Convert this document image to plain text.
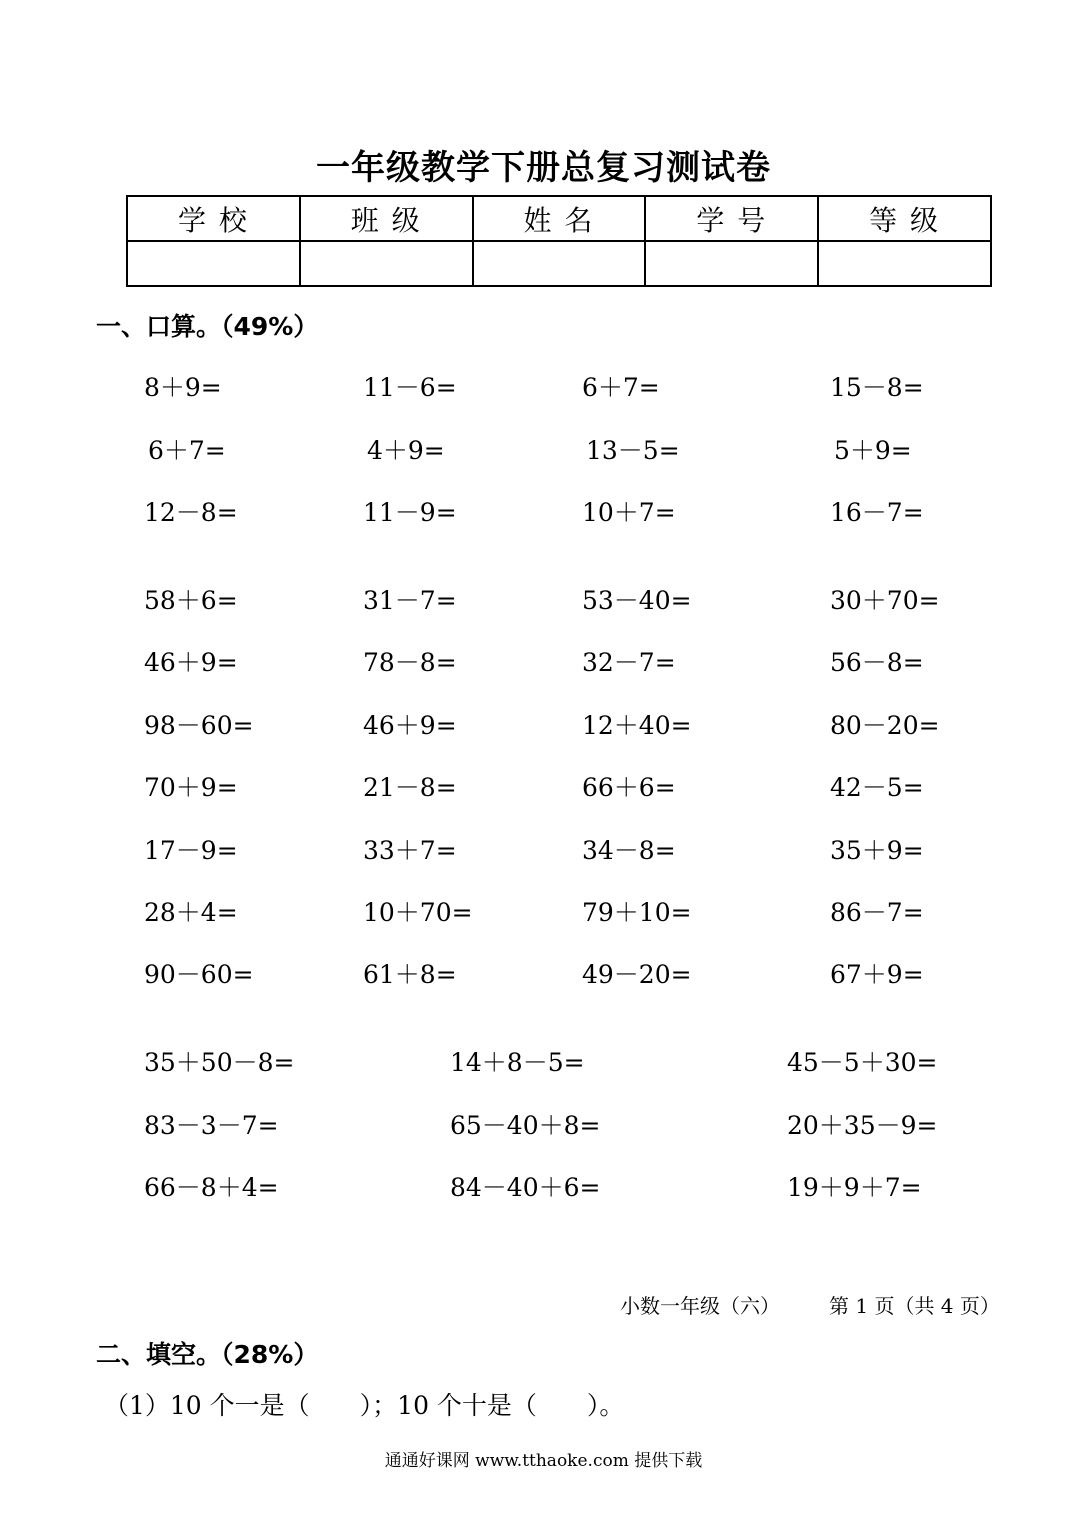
一年级教学下册总复习测试卷
学 校	班 级	姓 名	学 号	等 级

一、口算。（49%）
8＋9=	11－6=	6＋7=	15－8=
6＋7=	4＋9=	13－5=	5＋9=
12－8=	11－9=	10＋7=	16－7=
58＋6=	31－7=	53－40=	30＋70=
46＋9=	78－8=	32－7=	56－8=
98－60=	46＋9=	12＋40=	80－20=
70＋9=	21－8=	66＋6=	42－5=
17－9=	33＋7=	34－8=	35＋9=
28＋4=	10＋70=	79＋10=	86－7=
90－60=	61＋8=	49－20=	67＋9=
35＋50－8=	14＋8－5=	45－5＋30=
83－3－7=	65－40＋8=	20＋35－9=
66－8＋4=	84－40＋6=	19＋9＋7=
小数一年级（六） 第 1 页（共 4 页）
二、填空。（28%）
（1）10 个一是（　　）；10 个十是（　　）。
通通好课网 www.tthaoke.com 提供下载
